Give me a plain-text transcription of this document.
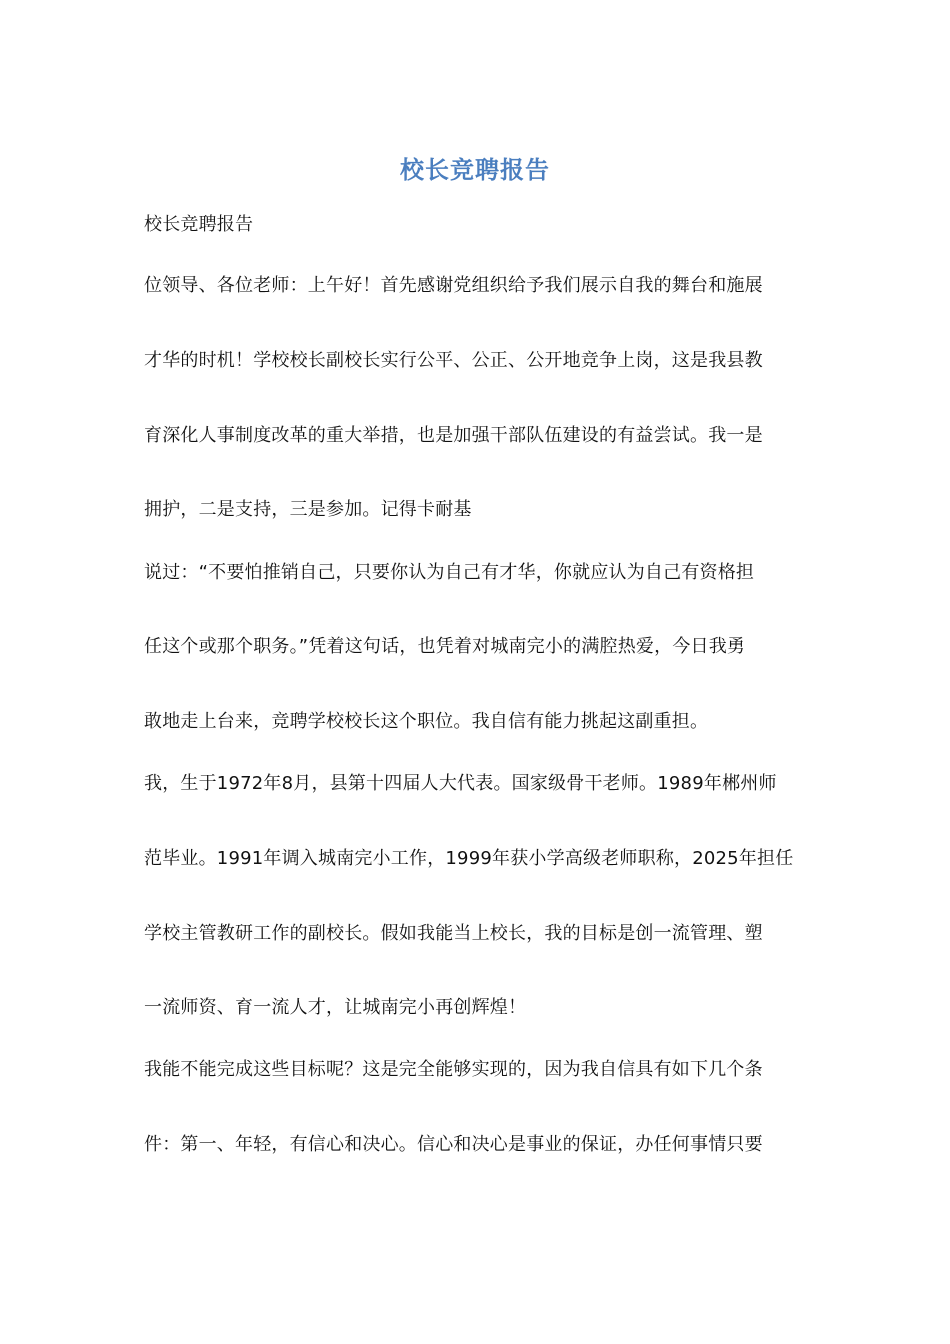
校长竞聘报告
校长竞聘报告
位领导、各位老师：上午好！首先感谢党组织给予我们展示自我的舞台和施展
才华的时机！学校校长副校长实行公平、公正、公开地竞争上岗，这是我县教
育深化人事制度改革的重大举措，也是加强干部队伍建设的有益尝试。我一是
拥护，二是支持，三是参加。记得卡耐基
说过：“不要怕推销自己，只要你认为自己有才华，你就应认为自己有资格担
任这个或那个职务。”凭着这句话，也凭着对城南完小的满腔热爱，今日我勇
敢地走上台来，竞聘学校校长这个职位。我自信有能力挑起这副重担。
我，生于1972年8月，县第十四届人大代表。国家级骨干老师。1989年郴州师
范毕业。1991年调入城南完小工作，1999年获小学高级老师职称，2025年担任
学校主管教研工作的副校长。假如我能当上校长，我的目标是创一流管理、塑
一流师资、育一流人才，让城南完小再创辉煌！
我能不能完成这些目标呢？这是完全能够实现的，因为我自信具有如下几个条
件：第一、年轻，有信心和决心。信心和决心是事业的保证，办任何事情只要
